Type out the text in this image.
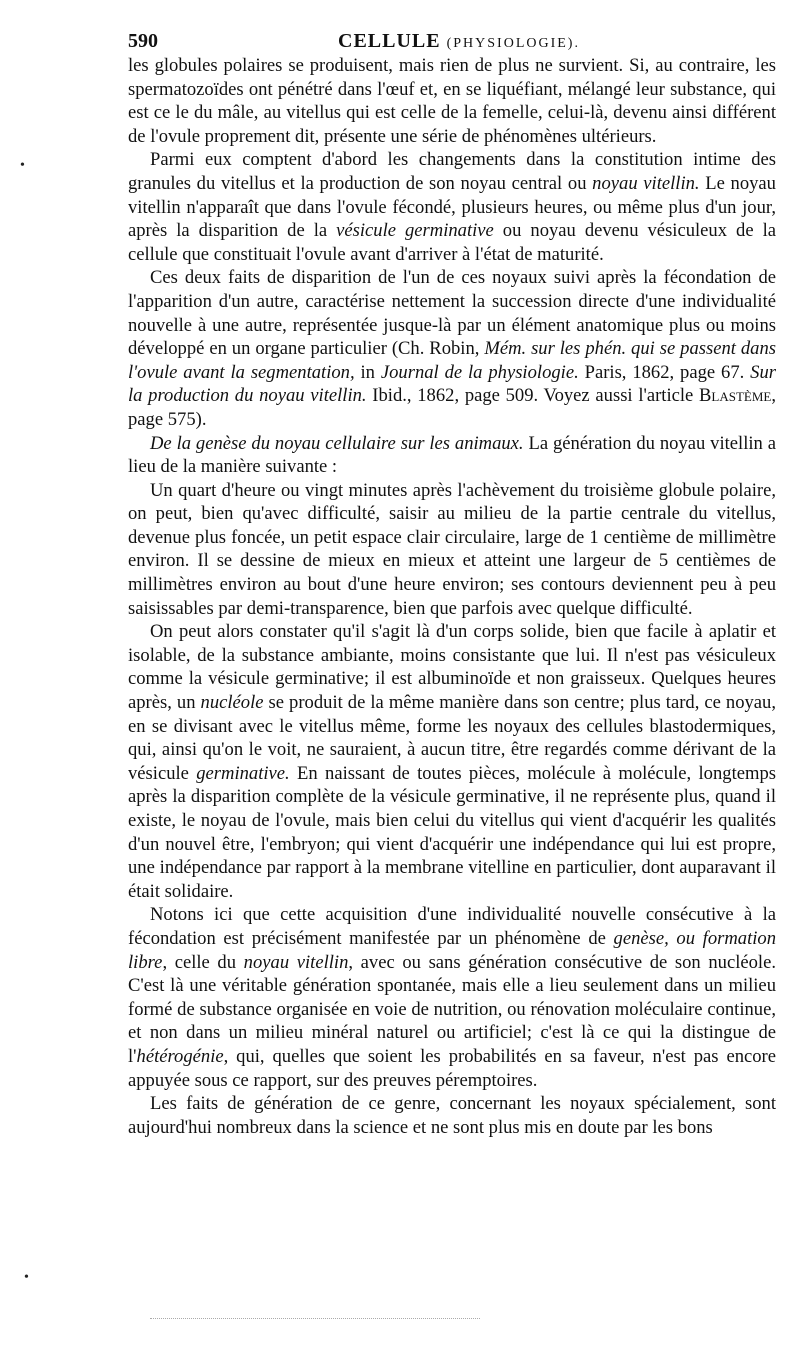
590	CELLULE (PHYSIOLOGIE).

les globules polaires se produisent, mais rien de plus ne survient. Si, au contraire, les spermatozoïdes ont pénétré dans l'œuf et, en se liquéfiant, mélangé leur substance, qui est ce le du mâle, au vitellus qui est celle de la femelle, celui-là, devenu ainsi différent de l'ovule proprement dit, présente une série de phénomènes ultérieurs.

Parmi eux comptent d'abord les changements dans la constitution intime des granules du vitellus et la production de son noyau central ou noyau vitellin. Le noyau vitellin n'apparaît que dans l'ovule fécondé, plusieurs heures, ou même plus d'un jour, après la disparition de la vésicule germinative ou noyau devenu vésiculeux de la cellule que constituait l'ovule avant d'arriver à l'état de maturité.

Ces deux faits de disparition de l'un de ces noyaux suivi après la fécondation de l'apparition d'un autre, caractérise nettement la succession directe d'une individualité nouvelle à une autre, représentée jusque-là par un élément anatomique plus ou moins développé en un organe particulier (Ch. Robin, Mém. sur les phén. qui se passent dans l'ovule avant la segmentation, in Journal de la physiologie. Paris, 1862, page 67. Sur la production du noyau vitellin. Ibid., 1862, page 509. Voyez aussi l'article Blastème, page 575).

De la genèse du noyau cellulaire sur les animaux. La génération du noyau vitellin a lieu de la manière suivante :

Un quart d'heure ou vingt minutes après l'achèvement du troisième globule polaire, on peut, bien qu'avec difficulté, saisir au milieu de la partie centrale du vitellus, devenue plus foncée, un petit espace clair circulaire, large de 1 centième de millimètre environ. Il se dessine de mieux en mieux et atteint une largeur de 5 centièmes de millimètres environ au bout d'une heure environ; ses contours deviennent peu à peu saisissables par demi-transparence, bien que parfois avec quelque difficulté.

On peut alors constater qu'il s'agit là d'un corps solide, bien que facile à aplatir et isolable, de la substance ambiante, moins consistante que lui. Il n'est pas vésiculeux comme la vésicule germinative; il est albuminoïde et non graisseux. Quelques heures après, un nucléole se produit de la même manière dans son centre; plus tard, ce noyau, en se divisant avec le vitellus même, forme les noyaux des cellules blastodermiques, qui, ainsi qu'on le voit, ne sauraient, à aucun titre, être regardés comme dérivant de la vésicule germinative. En naissant de toutes pièces, molécule à molécule, longtemps après la disparition complète de la vésicule germinative, il ne représente plus, quand il existe, le noyau de l'ovule, mais bien celui du vitellus qui vient d'acquérir les qualités d'un nouvel être, l'embryon; qui vient d'acquérir une indépendance qui lui est propre, une indépendance par rapport à la membrane vitelline en particulier, dont auparavant il était solidaire.

Notons ici que cette acquisition d'une individualité nouvelle consécutive à la fécondation est précisément manifestée par un phénomène de genèse, ou formation libre, celle du noyau vitellin, avec ou sans génération consécutive de son nucléole. C'est là une véritable génération spontanée, mais elle a lieu seulement dans un milieu formé de substance organisée en voie de nutrition, ou rénovation moléculaire continue, et non dans un milieu minéral naturel ou artificiel; c'est là ce qui la distingue de l'hétérogénie, qui, quelles que soient les probabilités en sa faveur, n'est pas encore appuyée sous ce rapport, sur des preuves péremptoires.

Les faits de génération de ce genre, concernant les noyaux spécialement, sont aujourd'hui nombreux dans la science et ne sont plus mis en doute par les bons

•
•
